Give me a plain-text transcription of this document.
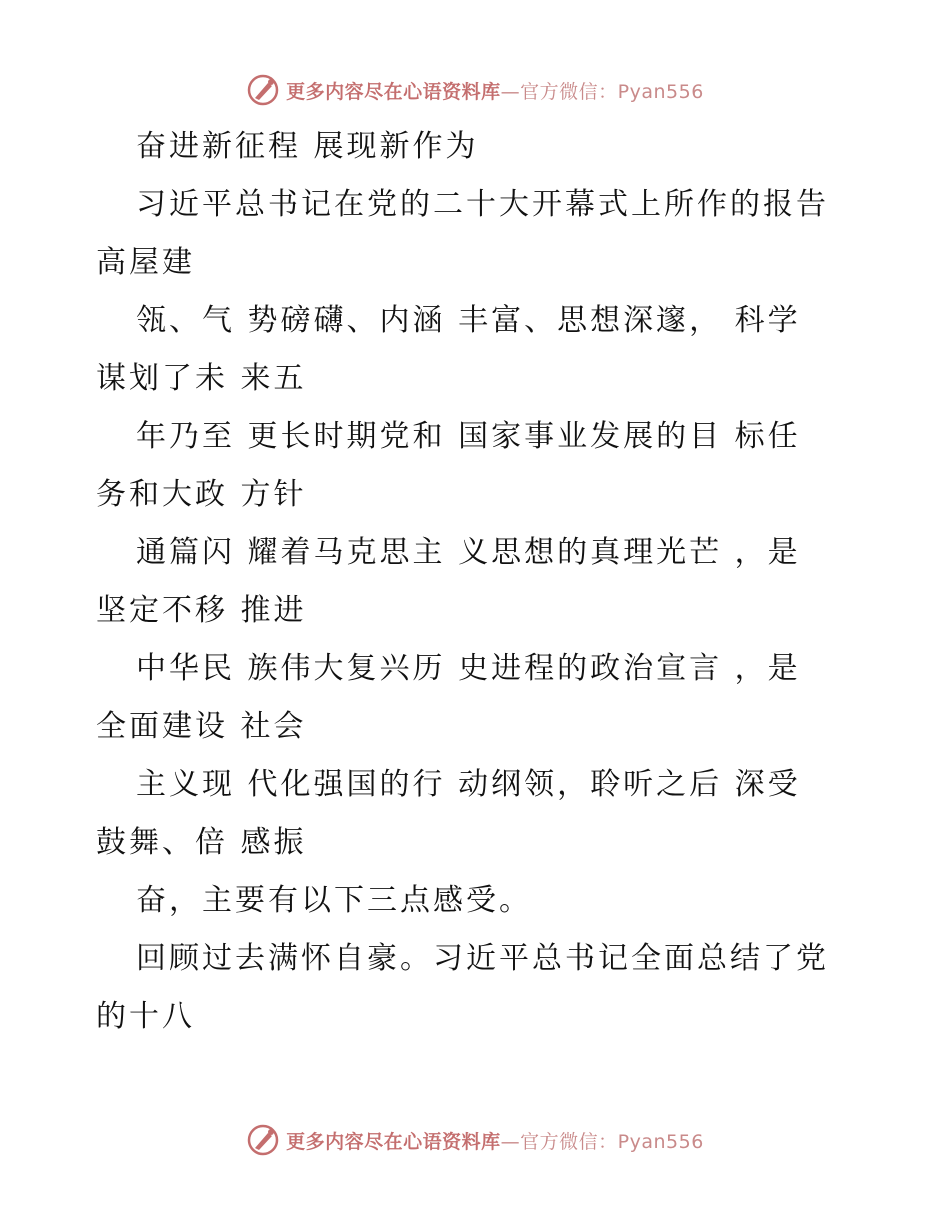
更多内容尽在心语资料库—官方微信：Pyan556
奋进新征程 展现新作为
习近平总书记在党的二十大开幕式上所作的报告
高屋建
瓴、气 势磅礴、内涵 丰富、思想深邃， 科学
谋划了未 来五
年乃至 更长时期党和 国家事业发展的目 标任
务和大政 方针
通篇闪 耀着马克思主 义思想的真理光芒 ，是
坚定不移 推进
中华民 族伟大复兴历 史进程的政治宣言 ，是
全面建设 社会
主义现 代化强国的行 动纲领，聆听之后 深受
鼓舞、倍 感振
奋，主要有以下三点感受。
回顾过去满怀自豪。习近平总书记全面总结了党
的十八
更多内容尽在心语资料库—官方微信：Pyan556
